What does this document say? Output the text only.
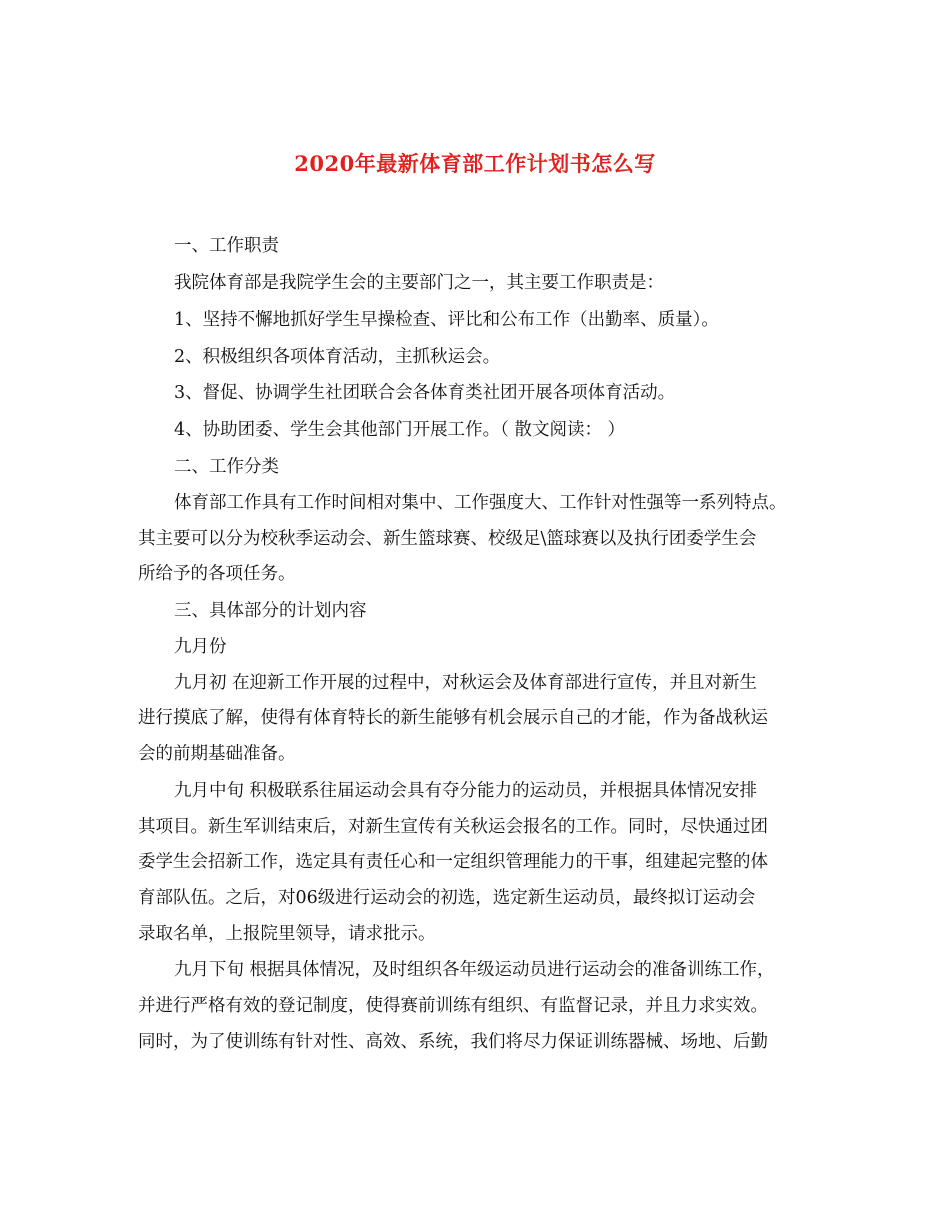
2020年最新体育部工作计划书怎么写
一、工作职责
我院体育部是我院学生会的主要部门之一，其主要工作职责是：
1、坚持不懈地抓好学生早操检查、评比和公布工作（出勤率、质量）。
2、积极组织各项体育活动，主抓秋运会。
3、督促、协调学生社团联合会各体育类社团开展各项体育活动。
4、协助团委、学生会其他部门开展工作。（ 散文阅读： ）
二、工作分类
体育部工作具有工作时间相对集中、工作强度大、工作针对性强等一系列特点。
其主要可以分为校秋季运动会、新生篮球赛、校级足\篮球赛以及执行团委学生会
所给予的各项任务。
三、具体部分的计划内容
九月份
九月初 在迎新工作开展的过程中，对秋运会及体育部进行宣传，并且对新生
进行摸底了解，使得有体育特长的新生能够有机会展示自己的才能，作为备战秋运
会的前期基础准备。
九月中旬 积极联系往届运动会具有夺分能力的运动员，并根据具体情况安排
其项目。新生军训结束后，对新生宣传有关秋运会报名的工作。同时，尽快通过团
委学生会招新工作，选定具有责任心和一定组织管理能力的干事，组建起完整的体
育部队伍。之后，对06级进行运动会的初选，选定新生运动员，最终拟订运动会
录取名单，上报院里领导，请求批示。
九月下旬 根据具体情况，及时组织各年级运动员进行运动会的准备训练工作，
并进行严格有效的登记制度，使得赛前训练有组织、有监督记录，并且力求实效。
同时，为了使训练有针对性、高效、系统，我们将尽力保证训练器械、场地、后勤
